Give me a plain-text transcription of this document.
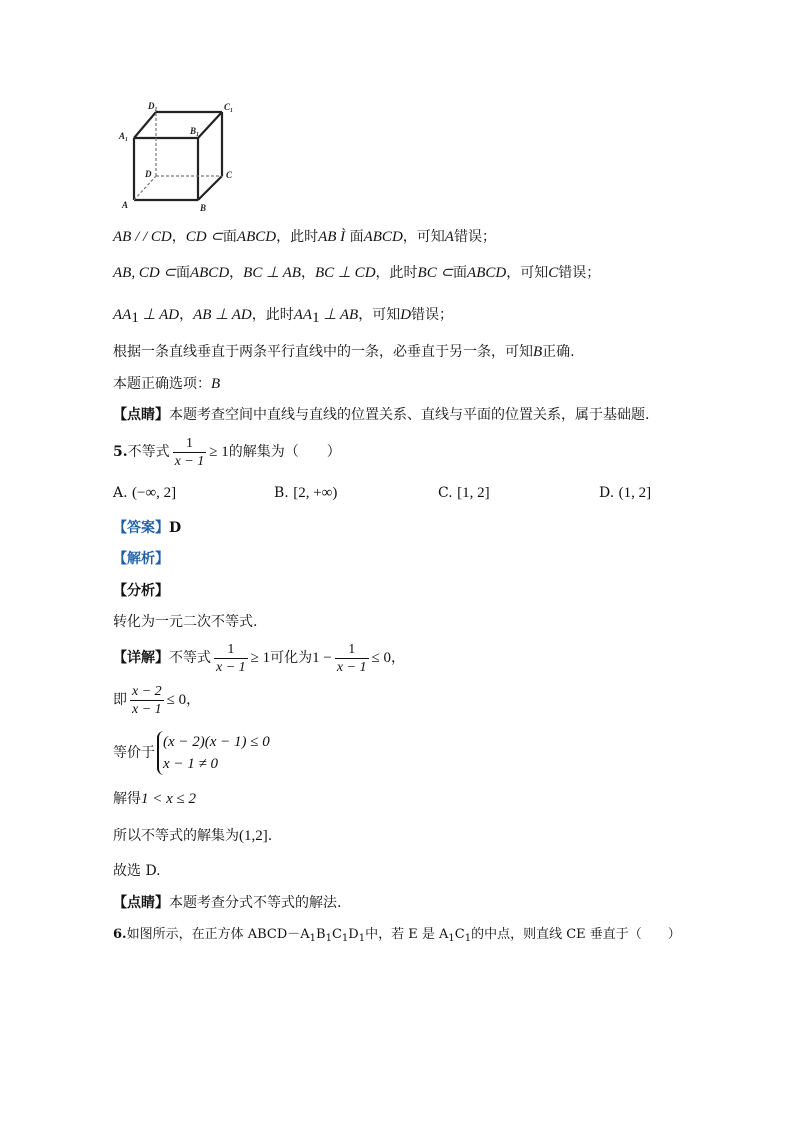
D₁	C₁
A₁	B₁
D	C
A	B
AB / / CD，CD ⊂面ABCD，此时AB Ì 面ABCD，可知A错误；
AB, CD ⊂面ABCD，BC ⊥ AB，BC ⊥ CD，此时BC ⊂面ABCD，可知C错误；
$AA_1$ ⊥ AD，AB ⊥ AD，此时$AA_1$ ⊥ AB，可知D错误；
根据一条直线垂直于两条平行直线中的一条，必垂直于另一条，可知B正确.
本题正确选项：B
【点睛】本题考查空间中直线与直线的位置关系、直线与平面的位置关系，属于基础题.
5.不等式 $\frac{1}{x - 1} \ge 1$的解集为（　　）
A. (−∞, 2]	B. [2, +∞)	C. [1, 2]	D. (1, 2]
【答案】D
【解析】
【分析】
转化为一元二次不等式.
【详解】不等式 $\frac{1}{x - 1} \ge 1$可化为$1 - \frac{1}{x - 1} \le 0$，
即 $\frac{x - 2}{x - 1} \le 0$，
等价于
(x − 2)(x − 1) ≤ 0
x − 1 ≠ 0
解得1 < x ≤ 2
所以不等式的解集为(1,2].
故选 D.
【点睛】本题考查分式不等式的解法.
6.如图所示，在正方体 $ABCD-A_1B_1C_1D_1$中，若 E 是 $A_1C_1$的中点，则直线 CE 垂直于（　　）
